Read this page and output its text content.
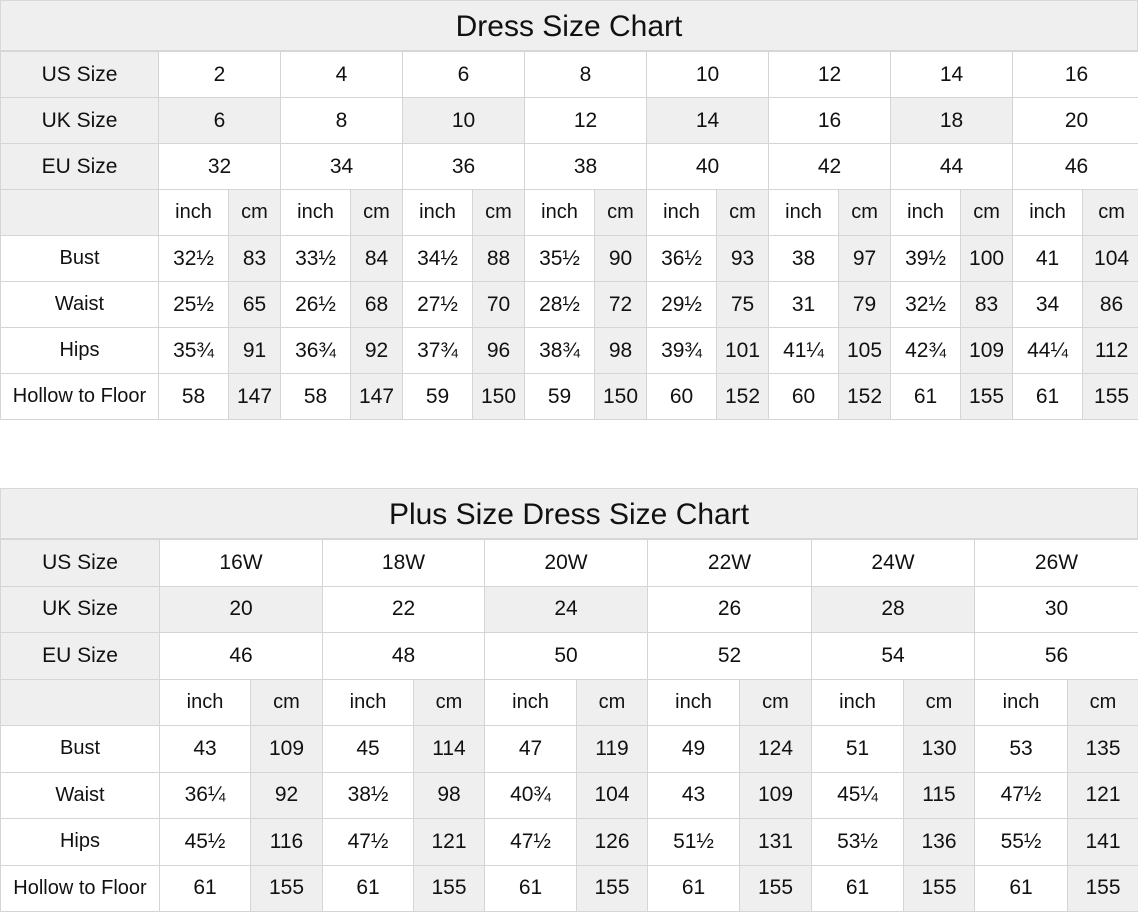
Dress Size Chart
US Size	2		4		6		8		10		12		14		16	
UK Size	6		8		10		12		14		16		18		20	
EU Size	32		34		36		38		40		42		44		46	
	inch	cm	inch	cm	inch	cm	inch	cm	inch	cm	inch	cm	inch	cm	inch	cm
Bust	32½	83	33½	84	34½	88	35½	90	36½	93	38	97	39½	100	41	104
Waist	25½	65	26½	68	27½	70	28½	72	29½	75	31	79	32½	83	34	86
Hips	35¾	91	36¾	92	37¾	96	38¾	98	39¾	101	41¼	105	42¾	109	44¼	112
Hollow to Floor	58	147	58	147	59	150	59	150	60	152	60	152	61	155	61	155
Plus Size Dress Size Chart
US Size	16W		18W		20W		22W		24W		26W	
UK Size	20		22		24		26		28		30	
EU Size	46		48		50		52		54		56	
	inch	cm	inch	cm	inch	cm	inch	cm	inch	cm	inch	cm
Bust	43	109	45	114	47	119	49	124	51	130	53	135
Waist	36¼	92	38½	98	40¾	104	43	109	45¼	115	47½	121
Hips	45½	116	47½	121	47½	126	51½	131	53½	136	55½	141
Hollow to Floor	61	155	61	155	61	155	61	155	61	155	61	155
